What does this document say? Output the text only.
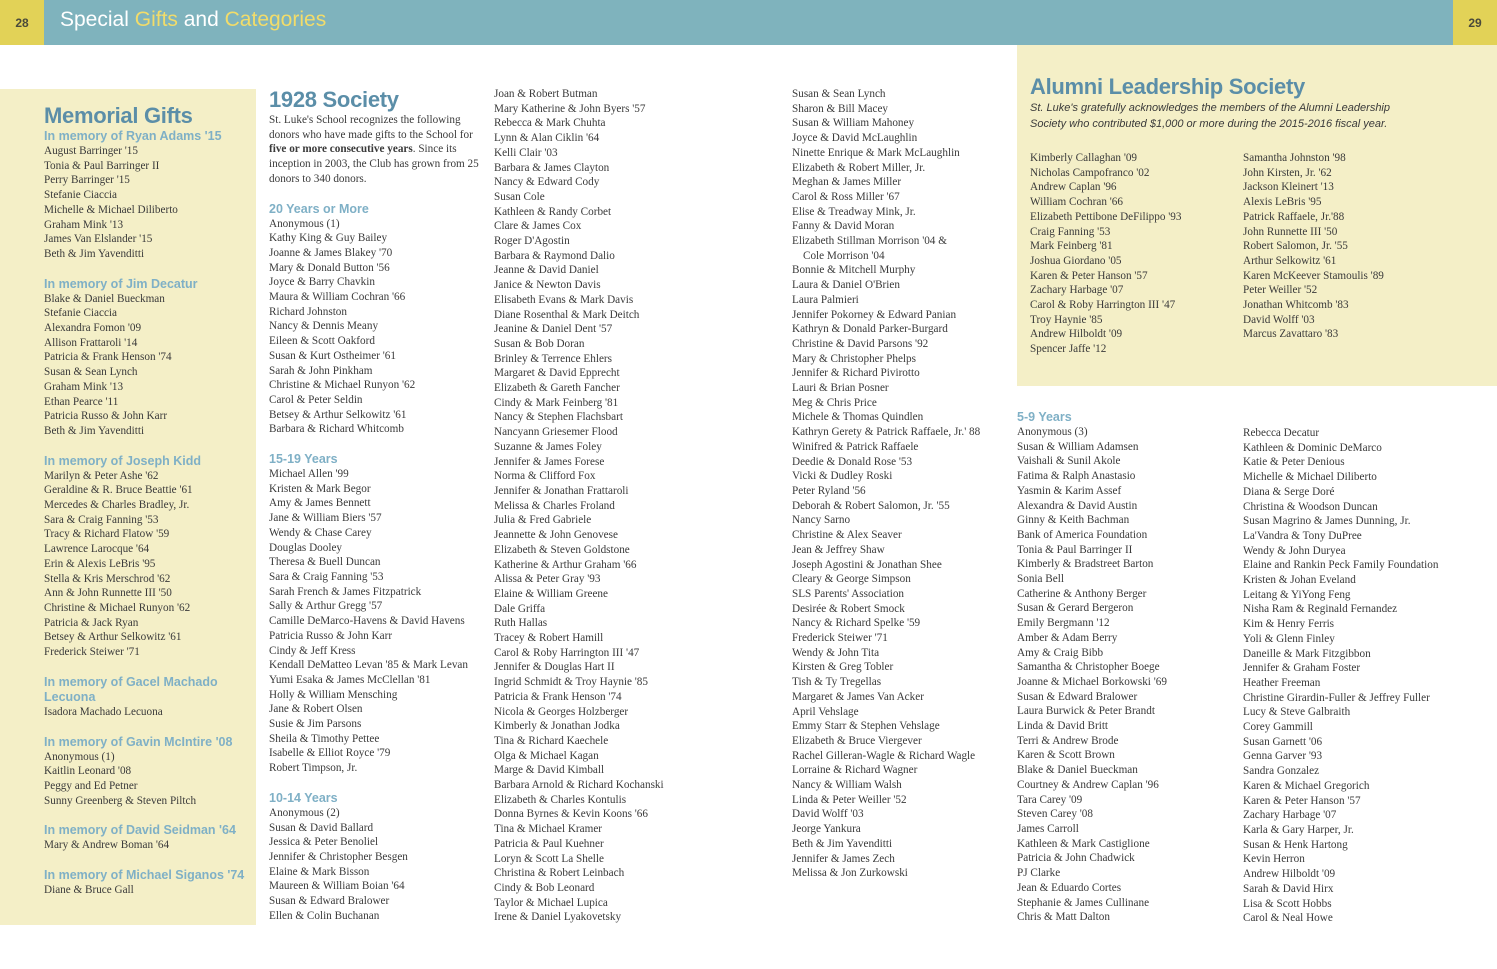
28	29
Special Gifts and Categories
Memorial Gifts
In memory of Ryan Adams '15
August Barringer '15
Tonia & Paul Barringer II
Perry Barringer '15
Stefanie Ciaccia
Michelle & Michael Diliberto
Graham Mink '13
James Van Elslander '15
Beth & Jim Yavenditti
In memory of Jim Decatur
Blake & Daniel Bueckman
Stefanie Ciaccia
Alexandra Fomon '09
Allison Frattaroli '14
Patricia & Frank Henson '74
Susan & Sean Lynch
Graham Mink '13
Ethan Pearce '11
Patricia Russo & John Karr
Beth & Jim Yavenditti
In memory of Joseph Kidd
Marilyn & Peter Ashe '62
Geraldine & R. Bruce Beattie '61
Mercedes & Charles Bradley, Jr.
Sara & Craig Fanning '53
Tracy & Richard Flatow '59
Lawrence Larocque '64
Erin & Alexis LeBris '95
Stella & Kris Merschrod '62
Ann & John Runnette III '50
Christine & Michael Runyon '62
Patricia & Jack Ryan
Betsey & Arthur Selkowitz '61
Frederick Steiwer '71
In memory of Gacel Machado Lecuona
Isadora Machado Lecuona
In memory of Gavin McIntire '08
Anonymous (1)
Kaitlin Leonard '08
Peggy and Ed Petner
Sunny Greenberg & Steven Piltch
In memory of David Seidman '64
Mary & Andrew Boman '64
In memory of Michael Siganos '74
Diane & Bruce Gall
1928 Society
St. Luke's School recognizes the following donors who have made gifts to the School for five or more consecutive years. Since its inception in 2003, the Club has grown from 25 donors to 340 donors.
20 Years or More
Anonymous (1)
Kathy King & Guy Bailey
Joanne & James Blakey '70
Mary & Donald Button '56
Joyce & Barry Chavkin
Maura & William Cochran '66
Richard Johnston
Nancy & Dennis Meany
Eileen & Scott Oakford
Susan & Kurt Ostheimer '61
Sarah & John Pinkham
Christine & Michael Runyon '62
Carol & Peter Seldin
Betsey & Arthur Selkowitz '61
Barbara & Richard Whitcomb
15-19 Years
Michael Allen '99
Kristen & Mark Begor
Amy & James Bennett
Jane & William Biers '57
Wendy & Chase Carey
Douglas Dooley
Theresa & Buell Duncan
Sara & Craig Fanning '53
Sarah French & James Fitzpatrick
Sally & Arthur Gregg '57
Camille DeMarco-Havens & David Havens
Patricia Russo & John Karr
Cindy & Jeff Kress
Kendall DeMatteo Levan '85 & Mark Levan
Yumi Esaka & James McClellan '81
Holly & William Mensching
Jane & Robert Olsen
Susie & Jim Parsons
Sheila & Timothy Pettee
Isabelle & Elliot Royce '79
Robert Timpson, Jr.
10-14 Years
Anonymous (2)
Susan & David Ballard
Jessica & Peter Benoliel
Jennifer & Christopher Besgen
Elaine & Mark Bisson
Maureen & William Boian '64
Susan & Edward Bralower
Ellen & Colin Buchanan
Joan & Robert Butman
Mary Katherine & John Byers '57
Rebecca & Mark Chuhta
Lynn & Alan Ciklin '64
Kelli Clair '03
Barbara & James Clayton
Nancy & Edward Cody
Susan Cole
Kathleen & Randy Corbet
Clare & James Cox
Roger D'Agostin
Barbara & Raymond Dalio
Jeanne & David Daniel
Janice & Newton Davis
Elisabeth Evans & Mark Davis
Diane Rosenthal & Mark Deitch
Jeanine & Daniel Dent '57
Susan & Bob Doran
Brinley & Terrence Ehlers
Margaret & David Epprecht
Elizabeth & Gareth Fancher
Cindy & Mark Feinberg '81
Nancy & Stephen Flachsbart
Nancyann Griesemer Flood
Suzanne & James Foley
Jennifer & James Forese
Norma & Clifford Fox
Jennifer & Jonathan Frattaroli
Melissa & Charles Froland
Julia & Fred Gabriele
Jeannette & John Genovese
Elizabeth & Steven Goldstone
Katherine & Arthur Graham '66
Alissa & Peter Gray '93
Elaine & William Greene
Dale Griffa
Ruth Hallas
Tracey & Robert Hamill
Carol & Roby Harrington III '47
Jennifer & Douglas Hart II
Ingrid Schmidt & Troy Haynie '85
Patricia & Frank Henson '74
Nicola & Georges Holzberger
Kimberly & Jonathan Jodka
Tina & Richard Kaechele
Olga & Michael Kagan
Marge & David Kimball
Barbara Arnold & Richard Kochanski
Elizabeth & Charles Kontulis
Donna Byrnes & Kevin Koons '66
Tina & Michael Kramer
Patricia & Paul Kuehner
Loryn & Scott La Shelle
Christina & Robert Leinbach
Cindy & Bob Leonard
Taylor & Michael Lupica
Irene & Daniel Lyakovetsky
Susan & Sean Lynch
Sharon & Bill Macey
Susan & William Mahoney
Joyce & David McLaughlin
Ninette Enrique & Mark McLaughlin
Elizabeth & Robert Miller, Jr.
Meghan & James Miller
Carol & Ross Miller '67
Elise & Treadway Mink, Jr.
Fanny & David Moran
Elizabeth Stillman Morrison '04 &
Cole Morrison '04
Bonnie & Mitchell Murphy
Laura & Daniel O'Brien
Laura Palmieri
Jennifer Pokorney & Edward Panian
Kathryn & Donald Parker-Burgard
Christine & David Parsons '92
Mary & Christopher Phelps
Jennifer & Richard Pivirotto
Lauri & Brian Posner
Meg & Chris Price
Michele & Thomas Quindlen
Kathryn Gerety & Patrick Raffaele, Jr.' 88
Winifred & Patrick Raffaele
Deedie & Donald Rose '53
Vicki & Dudley Roski
Peter Ryland '56
Deborah & Robert Salomon, Jr. '55
Nancy Sarno
Christine & Alex Seaver
Jean & Jeffrey Shaw
Joseph Agostini & Jonathan Shee
Cleary & George Simpson
SLS Parents' Association
Desirée & Robert Smock
Nancy & Richard Spelke '59
Frederick Steiwer '71
Wendy & John Tita
Kirsten & Greg Tobler
Tish & Ty Tregellas
Margaret & James Van Acker
April Vehslage
Emmy Starr & Stephen Vehslage
Elizabeth & Bruce Viergever
Rachel Gilleran-Wagle & Richard Wagle
Lorraine & Richard Wagner
Nancy & William Walsh
Linda & Peter Weiller '52
David Wolff '03
Jeorge Yankura
Beth & Jim Yavenditti
Jennifer & James Zech
Melissa & Jon Zurkowski
Alumni Leadership Society
St. Luke's gratefully acknowledges the members of the Alumni Leadership Society who contributed $1,000 or more during the 2015-2016 fiscal year.
Kimberly Callaghan '09
Nicholas Campofranco '02
Andrew Caplan '96
William Cochran '66
Elizabeth Pettibone DeFilippo '93
Craig Fanning '53
Mark Feinberg '81
Joshua Giordano '05
Karen & Peter Hanson '57
Zachary Harbage '07
Carol & Roby Harrington III '47
Troy Haynie '85
Andrew Hilboldt '09
Spencer Jaffe '12
Samantha Johnston '98
John Kirsten, Jr. '62
Jackson Kleinert '13
Alexis LeBris '95
Patrick Raffaele, Jr.'88
John Runnette III '50
Robert Salomon, Jr. '55
Arthur Selkowitz '61
Karen McKeever Stamoulis '89
Peter Weiller '52
Jonathan Whitcomb '83
David Wolff '03
Marcus Zavattaro '83
5-9 Years
Anonymous (3)
Susan & William Adamsen
Vaishali & Sunil Akole
Fatima & Ralph Anastasio
Yasmin & Karim Assef
Alexandra & David Austin
Ginny & Keith Bachman
Bank of America Foundation
Tonia & Paul Barringer II
Kimberly & Bradstreet Barton
Sonia Bell
Catherine & Anthony Berger
Susan & Gerard Bergeron
Emily Bergmann '12
Amber & Adam Berry
Amy & Craig Bibb
Samantha & Christopher Boege
Joanne & Michael Borkowski '69
Susan & Edward Bralower
Laura Burwick & Peter Brandt
Linda & David Britt
Terri & Andrew Brode
Karen & Scott Brown
Blake & Daniel Bueckman
Courtney & Andrew Caplan '96
Tara Carey '09
Steven Carey '08
James Carroll
Kathleen & Mark Castiglione
Patricia & John Chadwick
PJ Clarke
Jean & Eduardo Cortes
Stephanie & James Cullinane
Chris & Matt Dalton
Rebecca Decatur
Kathleen & Dominic DeMarco
Katie & Peter Denious
Michelle & Michael Diliberto
Diana & Serge Doré
Christina & Woodson Duncan
Susan Magrino & James Dunning, Jr.
La'Vandra & Tony DuPree
Wendy & John Duryea
Elaine and Rankin Peck Family Foundation
Kristen & Johan Eveland
Leitang & YiYong Feng
Nisha Ram & Reginald Fernandez
Kim & Henry Ferris
Yoli & Glenn Finley
Daneille & Mark Fitzgibbon
Jennifer & Graham Foster
Heather Freeman
Christine Girardin-Fuller & Jeffrey Fuller
Lucy & Steve Galbraith
Corey Gammill
Susan Garnett '06
Genna Garver '93
Sandra Gonzalez
Karen & Michael Gregorich
Karen & Peter Hanson '57
Zachary Harbage '07
Karla & Gary Harper, Jr.
Susan & Henk Hartong
Kevin Herron
Andrew Hilboldt '09
Sarah & David Hirx
Lisa & Scott Hobbs
Carol & Neal Howe
